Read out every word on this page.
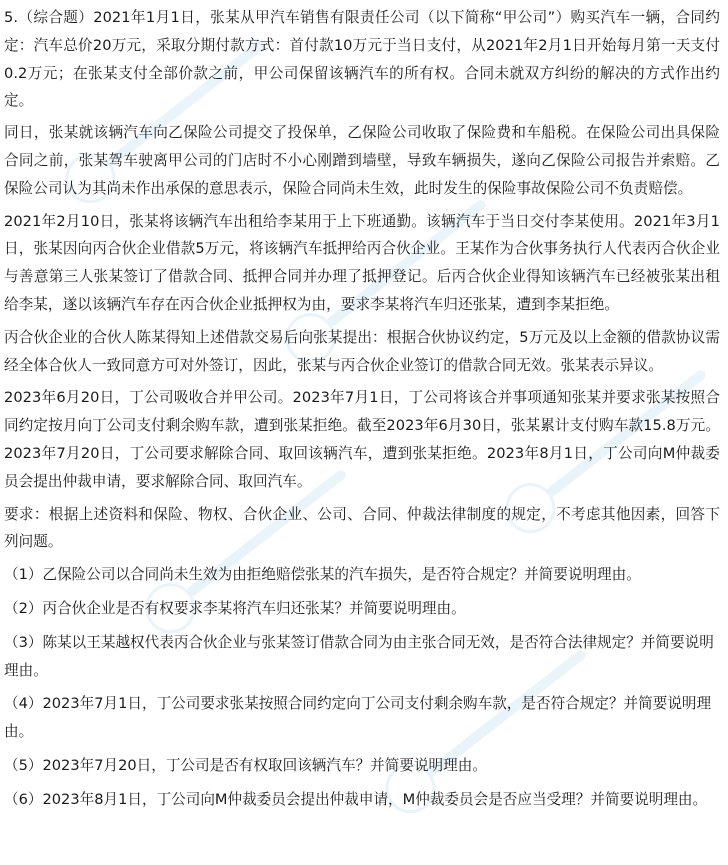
5.（综合题）2021年1月1日，张某从甲汽车销售有限责任公司（以下简称“甲公司”）购买汽车一辆，合同约定：汽车总价20万元，采取分期付款方式：首付款10万元于当日支付，从2021年2月1日开始每月第一天支付 0.2万元；在张某支付全部价款之前，甲公司保留该辆汽车的所有权。合同未就双方纠纷的解决的方式作出约定。

同日，张某就该辆汽车向乙保险公司提交了投保单，乙保险公司收取了保险费和车船税。在保险公司出具保险合同之前，张某驾车驶离甲公司的门店时不小心刚蹭到墙壁，导致车辆损失，遂向乙保险公司报告并索赔。乙保险公司认为其尚未作出承保的意思表示，保险合同尚未生效，此时发生的保险事故保险公司不负责赔偿。

2021年2月10日，张某将该辆汽车出租给李某用于上下班通勤。该辆汽车于当日交付李某使用。2021年3月1日，张某因向丙合伙企业借款5万元，将该辆汽车抵押给丙合伙企业。王某作为合伙事务执行人代表丙合伙企业与善意第三人张某签订了借款合同、抵押合同并办理了抵押登记。后丙合伙企业得知该辆汽车已经被张某出租给李某，遂以该辆汽车存在丙合伙企业抵押权为由，要求李某将汽车归还张某，遭到李某拒绝。

丙合伙企业的合伙人陈某得知上述借款交易后向张某提出：根据合伙协议约定，5万元及以上金额的借款协议需经全体合伙人一致同意方可对外签订，因此，张某与丙合伙企业签订的借款合同无效。张某表示异议。

2023年6月20日，丁公司吸收合并甲公司。2023年7月1日，丁公司将该合并事项通知张某并要求张某按照合同约定按月向丁公司支付剩余购车款，遭到张某拒绝。截至2023年6月30日，张某累计支付购车款15.8万元。2023年7月20日，丁公司要求解除合同、取回该辆汽车，遭到张某拒绝。2023年8月1日，丁公司向M仲裁委员会提出仲裁申请，要求解除合同、取回汽车。

要求：根据上述资料和保险、物权、合伙企业、公司、合同、仲裁法律制度的规定，不考虑其他因素，回答下列问题。

（1）乙保险公司以合同尚未生效为由拒绝赔偿张某的汽车损失，是否符合规定？并简要说明理由。

（2）丙合伙企业是否有权要求李某将汽车归还张某？并简要说明理由。

（3）陈某以王某越权代表丙合伙企业与张某签订借款合同为由主张合同无效，是否符合法律规定？并简要说明理由。

（4）2023年7月1日，丁公司要求张某按照合同约定向丁公司支付剩余购车款，是否符合规定？并简要说明理由。

（5）2023年7月20日，丁公司是否有权取回该辆汽车？并简要说明理由。

（6）2023年8月1日，丁公司向M仲裁委员会提出仲裁申请，M仲裁委员会是否应当受理？并简要说明理由。
